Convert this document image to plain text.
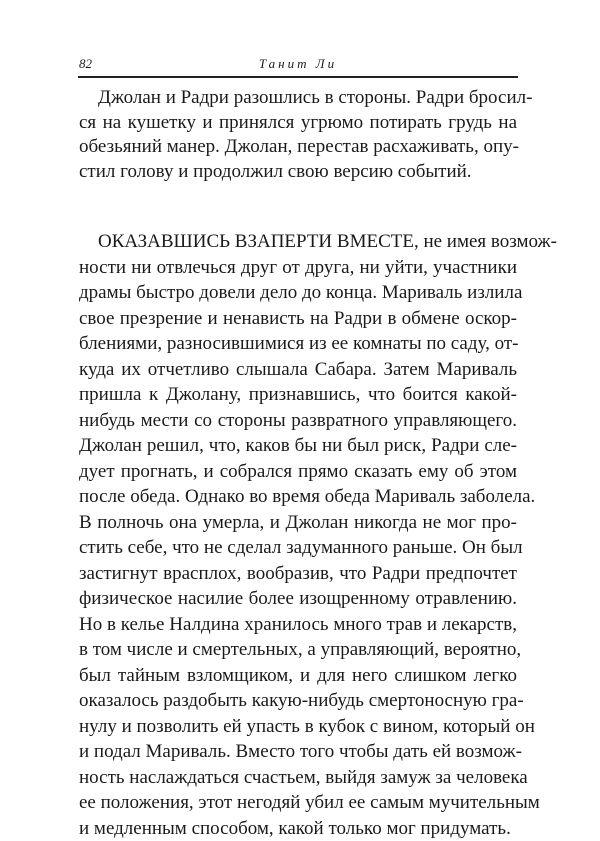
82	Танит Ли
Джолан и Радри разошлись в стороны. Радри бросил-
ся на кушетку и принялся угрюмо потирать грудь на
обезьяний манер. Джолан, перестав расхаживать, опу-
стил голову и продолжил свою версию событий.
ОКАЗАВШИСЬ ВЗАПЕРТИ ВМЕСТЕ, не имея возмож-
ности ни отвлечься друг от друга, ни уйти, участники
драмы быстро довели дело до конца. Мариваль излила
свое презрение и ненависть на Радри в обмене оскор-
блениями, разносившимися из ее комнаты по саду, от-
куда их отчетливо слышала Сабара. Затем Мариваль
пришла к Джолану, признавшись, что боится какой-
нибудь мести со стороны развратного управляющего.
Джолан решил, что, каков бы ни был риск, Радри сле-
дует прогнать, и собрался прямо сказать ему об этом
после обеда. Однако во время обеда Мариваль заболела.
В полночь она умерла, и Джолан никогда не мог про-
стить себе, что не сделал задуманного раньше. Он был
застигнут врасплох, вообразив, что Радри предпочтет
физическое насилие более изощренному отравлению.
Но в келье Налдина хранилось много трав и лекарств,
в том числе и смертельных, а управляющий, вероятно,
был тайным взломщиком, и для него слишком легко
оказалось раздобыть какую-нибудь смертоносную гра-
нулу и позволить ей упасть в кубок с вином, который он
и подал Мариваль. Вместо того чтобы дать ей возмож-
ность наслаждаться счастьем, выйдя замуж за человека
ее положения, этот негодяй убил ее самым мучительным
и медленным способом, какой только мог придумать.
